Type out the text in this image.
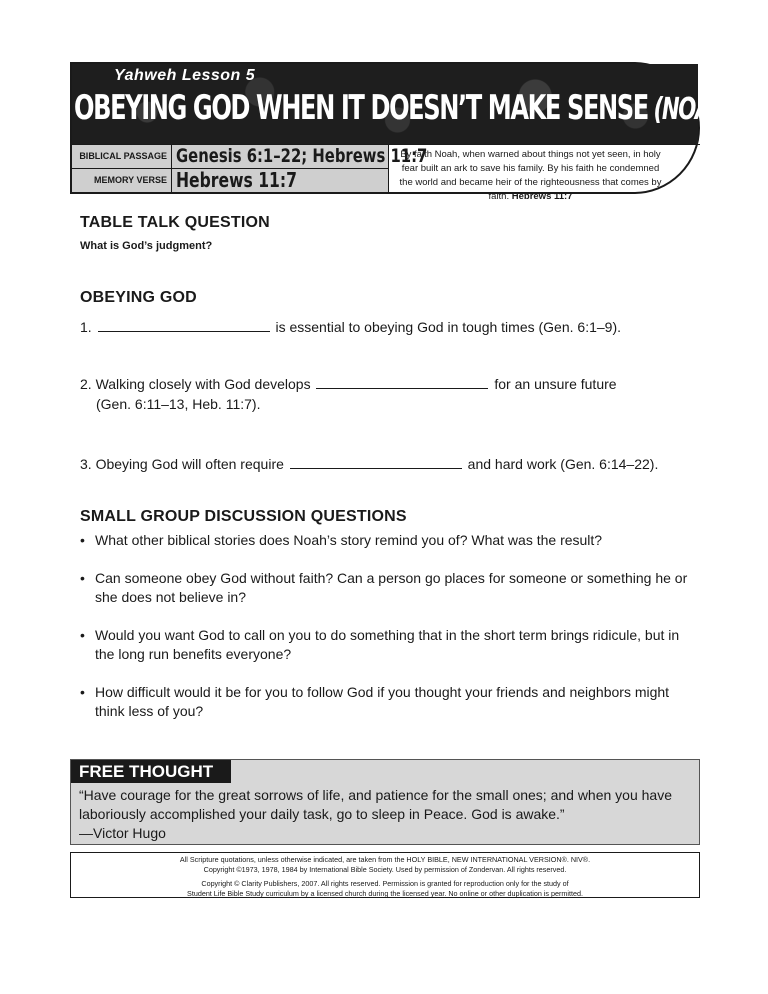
Yahweh Lesson 5
OBEYING GOD WHEN IT DOESN’T MAKE SENSE (NOAH)
BIBLICAL PASSAGE Genesis 6:1–22; Hebrews 11:7
MEMORY VERSE Hebrews 11:7
By faith Noah, when warned about things not yet seen, in holy fear built an ark to save his family. By his faith he condemned the world and became heir of the righteousness that comes by faith. Hebrews 11:7
TABLE TALK QUESTION
What is God’s judgment?
OBEYING GOD
1.	is essential to obeying God in tough times (Gen. 6:1–9).
2. Walking closely with God develops	for an unsure future
(Gen. 6:11–13, Heb. 11:7).
3. Obeying God will often require	and hard work (Gen. 6:14–22).
SMALL GROUP DISCUSSION QUESTIONS
• What other biblical stories does Noah’s story remind you of? What was the result?
• Can someone obey God without faith? Can a person go places for someone or something he or she does not believe in?
• Would you want God to call on you to do something that in the short term brings ridicule, but in the long run benefits everyone?
• How difficult would it be for you to follow God if you thought your friends and neighbors might think less of you?
FREE THOUGHT
“Have courage for the great sorrows of life, and patience for the small ones; and when you have laboriously accomplished your daily task, go to sleep in Peace. God is awake.”
—Victor Hugo
All Scripture quotations, unless otherwise indicated, are taken from the HOLY BIBLE, NEW INTERNATIONAL VERSION®. NIV®.
Copyright ©1973, 1978, 1984 by International Bible Society. Used by permission of Zondervan. All rights reserved.
Copyright © Clarity Publishers, 2007. All rights reserved. Permission is granted for reproduction only for the study of
Student Life Bible Study curriculum by a licensed church during the licensed year. No online or other duplication is permitted.
